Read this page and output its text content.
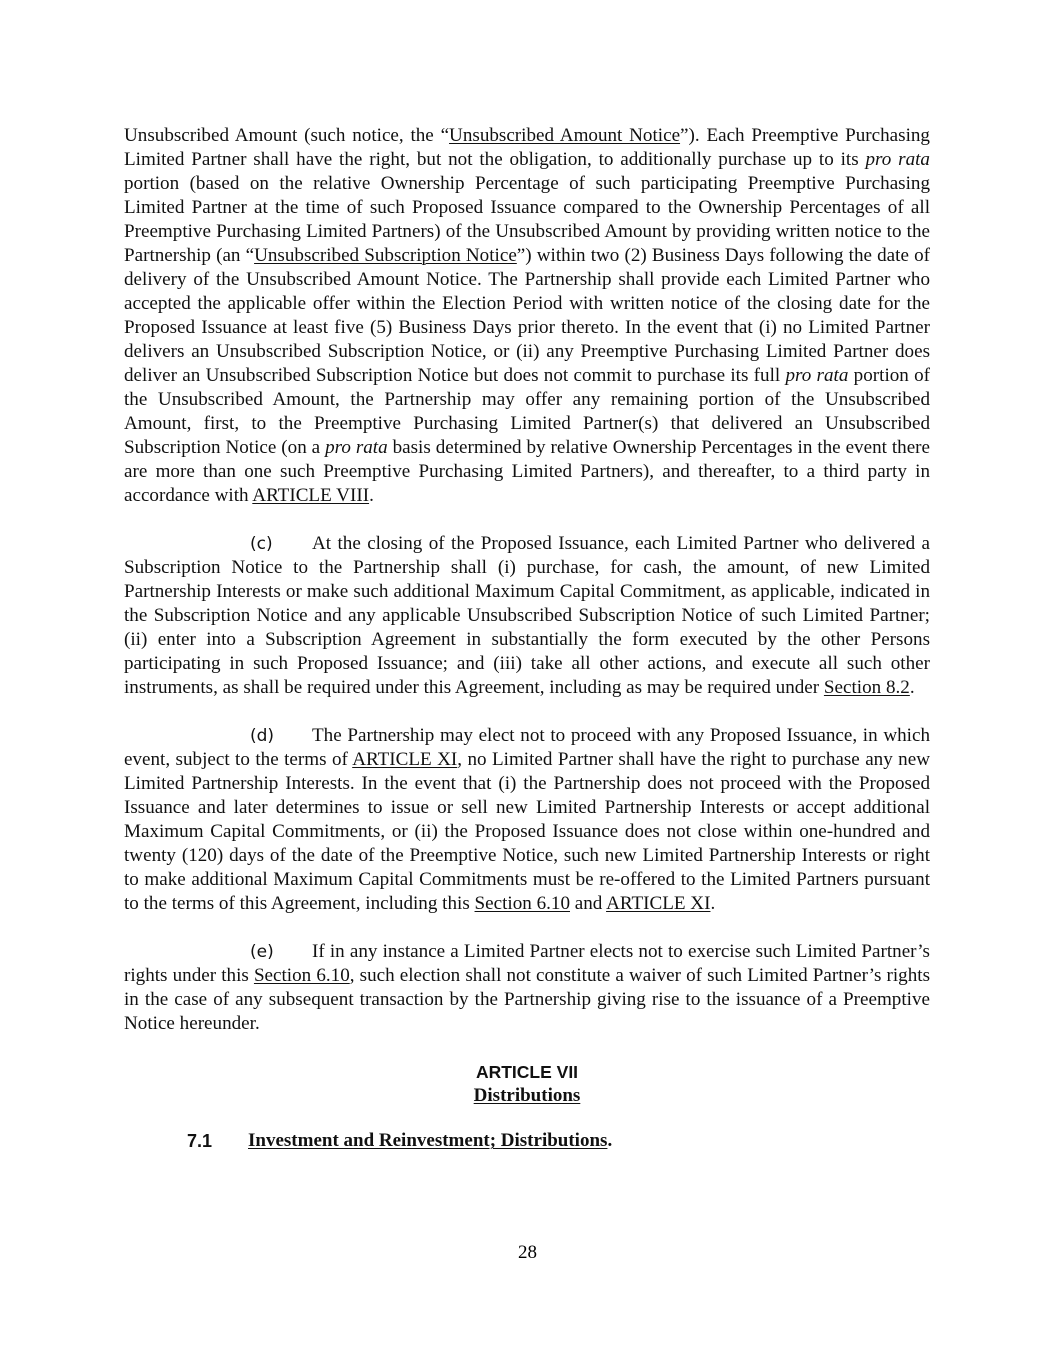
Unsubscribed Amount (such notice, the “Unsubscribed Amount Notice”). Each Preemptive Purchasing Limited Partner shall have the right, but not the obligation, to additionally purchase up to its pro rata portion (based on the relative Ownership Percentage of such participating Preemptive Purchasing Limited Partner at the time of such Proposed Issuance compared to the Ownership Percentages of all Preemptive Purchasing Limited Partners) of the Unsubscribed Amount by providing written notice to the Partnership (an “Unsubscribed Subscription Notice”) within two (2) Business Days following the date of delivery of the Unsubscribed Amount Notice. The Partnership shall provide each Limited Partner who accepted the applicable offer within the Election Period with written notice of the closing date for the Proposed Issuance at least five (5) Business Days prior thereto. In the event that (i) no Limited Partner delivers an Unsubscribed Subscription Notice, or (ii) any Preemptive Purchasing Limited Partner does deliver an Unsubscribed Subscription Notice but does not commit to purchase its full pro rata portion of the Unsubscribed Amount, the Partnership may offer any remaining portion of the Unsubscribed Amount, first, to the Preemptive Purchasing Limited Partner(s) that delivered an Unsubscribed Subscription Notice (on a pro rata basis determined by relative Ownership Percentages in the event there are more than one such Preemptive Purchasing Limited Partners), and thereafter, to a third party in accordance with ARTICLE VIII.

(c) At the closing of the Proposed Issuance, each Limited Partner who delivered a Subscription Notice to the Partnership shall (i) purchase, for cash, the amount, of new Limited Partnership Interests or make such additional Maximum Capital Commitment, as applicable, indicated in the Subscription Notice and any applicable Unsubscribed Subscription Notice of such Limited Partner; (ii) enter into a Subscription Agreement in substantially the form executed by the other Persons participating in such Proposed Issuance; and (iii) take all other actions, and execute all such other instruments, as shall be required under this Agreement, including as may be required under Section 8.2.

(d) The Partnership may elect not to proceed with any Proposed Issuance, in which event, subject to the terms of ARTICLE XI, no Limited Partner shall have the right to purchase any new Limited Partnership Interests. In the event that (i) the Partnership does not proceed with the Proposed Issuance and later determines to issue or sell new Limited Partnership Interests or accept additional Maximum Capital Commitments, or (ii) the Proposed Issuance does not close within one-hundred and twenty (120) days of the date of the Preemptive Notice, such new Limited Partnership Interests or right to make additional Maximum Capital Commitments must be re-offered to the Limited Partners pursuant to the terms of this Agreement, including this Section 6.10 and ARTICLE XI.

(e) If in any instance a Limited Partner elects not to exercise such Limited Partner’s rights under this Section 6.10, such election shall not constitute a waiver of such Limited Partner’s rights in the case of any subsequent transaction by the Partnership giving rise to the issuance of a Preemptive Notice hereunder.

ARTICLE VII
Distributions
7.1 Investment and Reinvestment; Distributions.
28
